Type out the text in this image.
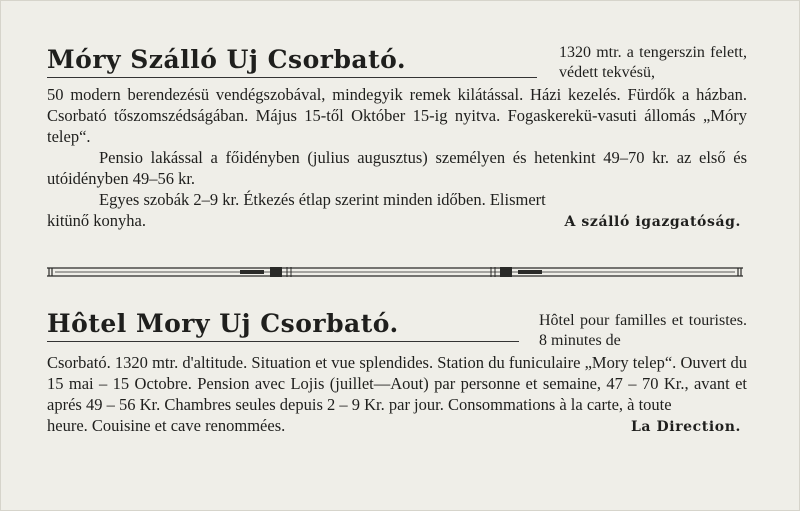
Móry Szálló Uj Csorbató.	1320 mtr. a tengerszin felett, védett tekvésü,

50 modern berendezésü vendégszobával, mindegyik remek kilátással. Házi kezelés. Fürdők a házban. Csorbató tőszomszédságában. Május 15-től Október 15-ig nyitva. Fogaskerekü-vasuti állomás „Móry telep“.

Pensio lakással a főidényben (julius augusztus) személyen és hetenkint 49–70 kr. az első és utóidényben 49–56 kr.

Egyes szobák 2–9 kr. Étkezés étlap szerint minden időben. Elismert

kitünő konyha.	A szálló igazgatóság.
Hôtel Mory Uj Csorbató.	Hôtel pour familles et touristes. 8 minutes de

Csorbató. 1320 mtr. d'altitude. Situation et vue splendides. Station du funiculaire „Mory telep“. Ouvert du 15 mai – 15 Octobre. Pension avec Lojis (juillet—Aout) par personne et semaine, 47 – 70 Kr., avant et aprés 49 – 56 Kr. Chambres seules depuis 2 – 9 Kr. par jour. Consommations à la carte, à toute

heure. Couisine et cave renommées.	La Direction.
